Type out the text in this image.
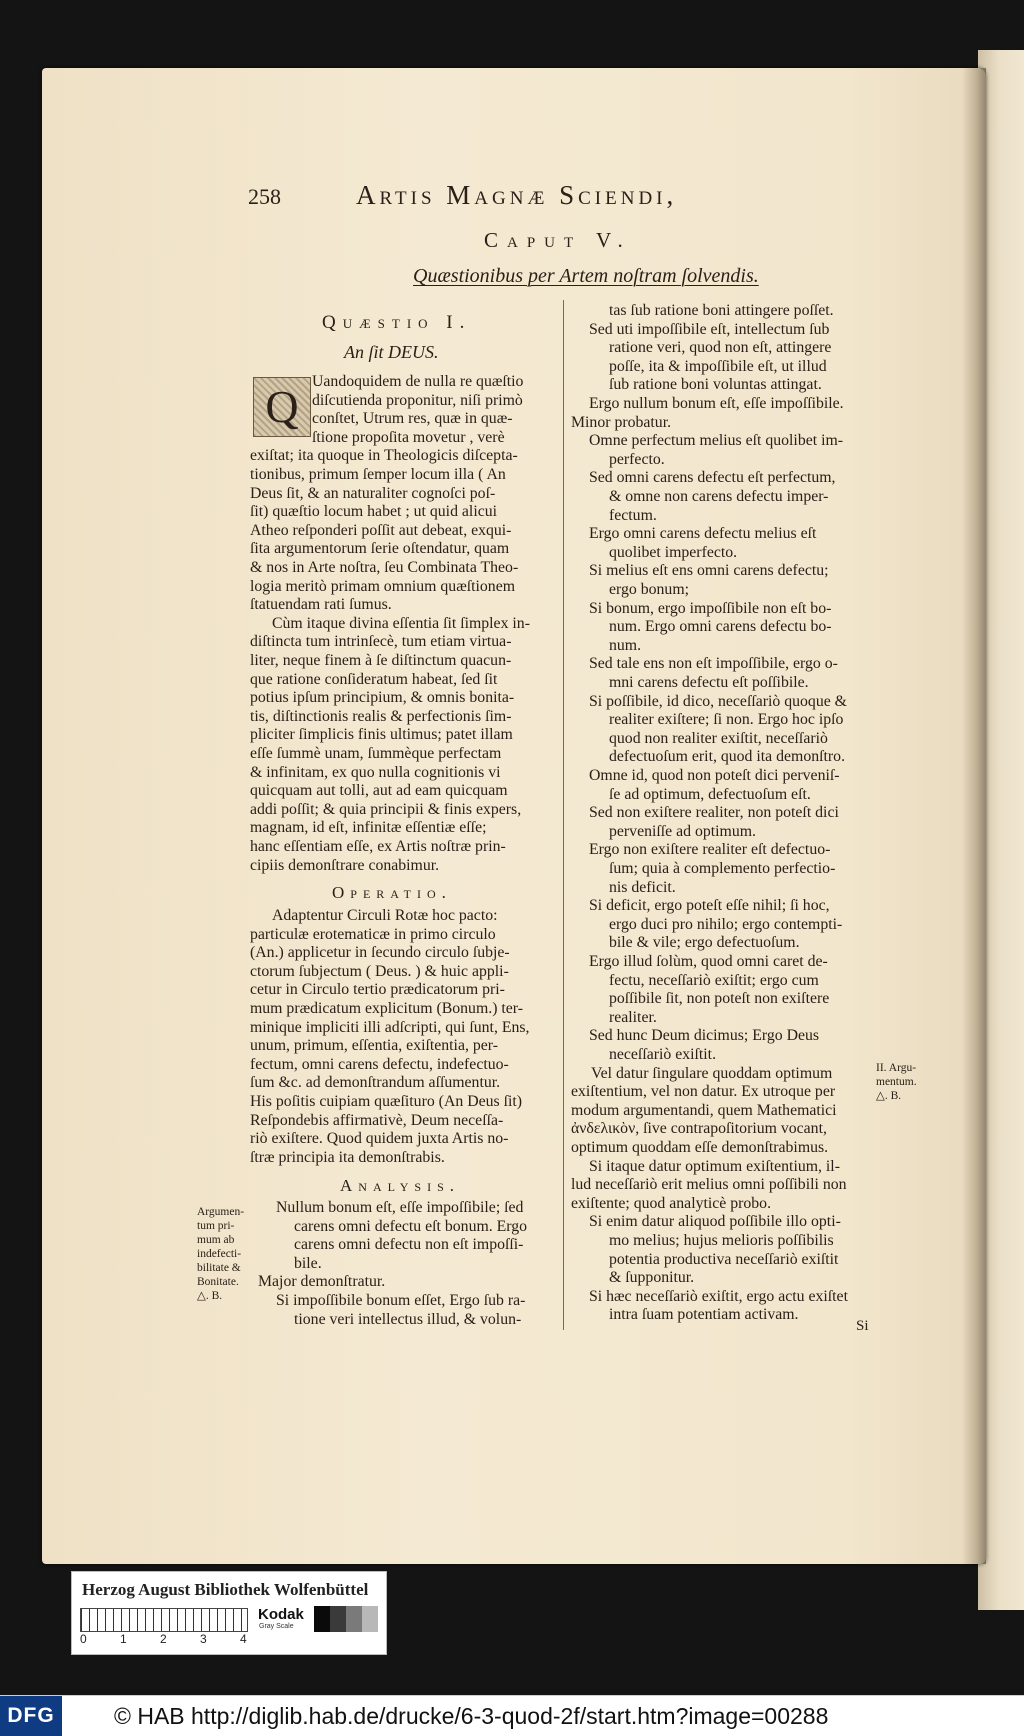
258	Artis Magnæ Sciendi,
Caput V.
Quæstionibus per Artem noſtram ſolvendis.
Quæstio I.
An ſit DEUS.
Q Uandoquidem de nulla re quæſtio
diſcutienda proponitur, niſi primò
conſtet, Utrum res, quæ in quæ-
ſtione propoſita movetur , verè
exiſtat; ita quoque in Theologicis diſcepta-
tionibus, primum ſemper locum illa ( An
Deus ſit, & an naturaliter cognoſci poſ-
ſit) quæſtio locum habet ; ut quid alicui
Atheo reſponderi poſſit aut debeat, exqui-
ſita argumentorum ſerie oſtendatur, quam
& nos in Arte noſtra, ſeu Combinata Theo-
logia meritò primam omnium quæſtionem
ſtatuendam rati ſumus.
Cùm itaque divina eſſentia ſit ſimplex in-
diſtincta tum intrinſecè, tum etiam virtua-
liter, neque finem à ſe diſtinctum quacun-
que ratione conſideratum habeat, ſed ſit
potius ipſum principium, & omnis bonita-
tis, diſtinctionis realis & perfectionis ſim-
pliciter ſimplicis finis ultimus; patet illam
eſſe ſummè unam, ſummèque perfectam
& infinitam, ex quo nulla cognitionis vi
quicquam aut tolli, aut ad eam quicquam
addi poſſit; & quia principii & finis expers,
magnam, id eſt, infinitæ eſſentiæ eſſe;
hanc eſſentiam eſſe, ex Artis noſtræ prin-
cipiis demonſtrare conabimur.
Adaptentur Circuli Rotæ hoc pacto:
particulæ erotematicæ in primo circulo
(An.) applicetur in ſecundo circulo ſubje-
ctorum ſubjectum ( Deus. ) & huic appli-
cetur in Circulo tertio prædicatorum pri-
mum prædicatum explicitum (Bonum.) ter-
minique impliciti illi adſcripti, qui ſunt, Ens,
unum, primum, eſſentia, exiſtentia, per-
fectum, omni carens defectu, indefectuo-
ſum &c. ad demonſtrandum aſſumentur.
His poſitis cuipiam quæſituro (An Deus ſit)
Reſpondebis affirmativè, Deum neceſſa-
riò exiſtere. Quod quidem juxta Artis no-
ſtræ principia ita demonſtrabis.
Nullum bonum eſt, eſſe impoſſibile; ſed
carens omni defectu eſt bonum. Ergo
carens omni defectu non eſt impoſſi-
bile.
Major demonſtratur.
Si impoſſibile bonum eſſet, Ergo ſub ra-
tione veri intellectus illud, & volun-
Operatio.
Analysis.
Argumen-
tum pri-
mum ab
indefecti-
bilitate &
Bonitate.
△. B.
tas ſub ratione boni attingere poſſet.
Sed uti impoſſibile eſt, intellectum ſub
ratione veri, quod non eſt, attingere
poſſe, ita & impoſſibile eſt, ut illud
ſub ratione boni voluntas attingat.
Ergo nullum bonum eſt, eſſe impoſſibile.
Minor probatur.
Omne perfectum melius eſt quolibet im-
perfecto.
Sed omni carens defectu eſt perfectum,
& omne non carens defectu imper-
fectum.
Ergo omni carens defectu melius eſt
quolibet imperfecto.
Si melius eſt ens omni carens defectu;
ergo bonum;
Si bonum, ergo impoſſibile non eſt bo-
num. Ergo omni carens defectu bo-
num.
Sed tale ens non eſt impoſſibile, ergo o-
mni carens defectu eſt poſſibile.
Si poſſibile, id dico, neceſſariò quoque &
realiter exiſtere; ſi non. Ergo hoc ipſo
quod non realiter exiſtit, neceſſariò
defectuoſum erit, quod ita demonſtro.
Omne id, quod non poteſt dici perveniſ-
ſe ad optimum, defectuoſum eſt.
Sed non exiſtere realiter, non poteſt dici
perveniſſe ad optimum.
Ergo non exiſtere realiter eſt defectuo-
ſum; quia à complemento perfectio-
nis deficit.
Si deficit, ergo poteſt eſſe nihil; ſi hoc,
ergo duci pro nihilo; ergo contempti-
bile & vile; ergo defectuoſum.
Ergo illud ſolùm, quod omni caret de-
fectu, neceſſariò exiſtit; ergo cum
poſſibile ſit, non poteſt non exiſtere
realiter.
Sed hunc Deum dicimus; Ergo Deus
neceſſariò exiſtit.
Vel datur ſingulare quoddam optimum
exiſtentium, vel non datur. Ex utroque per
modum argumentandi, quem Mathematici
ἀνδελικὸν, ſive contrapoſitorium vocant,
optimum quoddam eſſe demonſtrabimus.
Si itaque datur optimum exiſtentium, il-
lud neceſſariò erit melius omni poſſibili non
exiſtente; quod analyticè probo.
Si enim datur aliquod poſſibile illo opti-
mo melius; hujus melioris poſſibilis
potentia productiva neceſſariò exiſtit
& ſupponitur.
Si hæc neceſſariò exiſtit, ergo actu exiſtet
intra ſuam potentiam activam.
II. Argu-
mentum.
△. B.
Si
Herzog August Bibliothek Wolfenbüttel
0	1	2	3	4
Kodak
Gray Scale
DFG	© HAB http://diglib.hab.de/drucke/6-3-quod-2f/start.htm?image=00288
